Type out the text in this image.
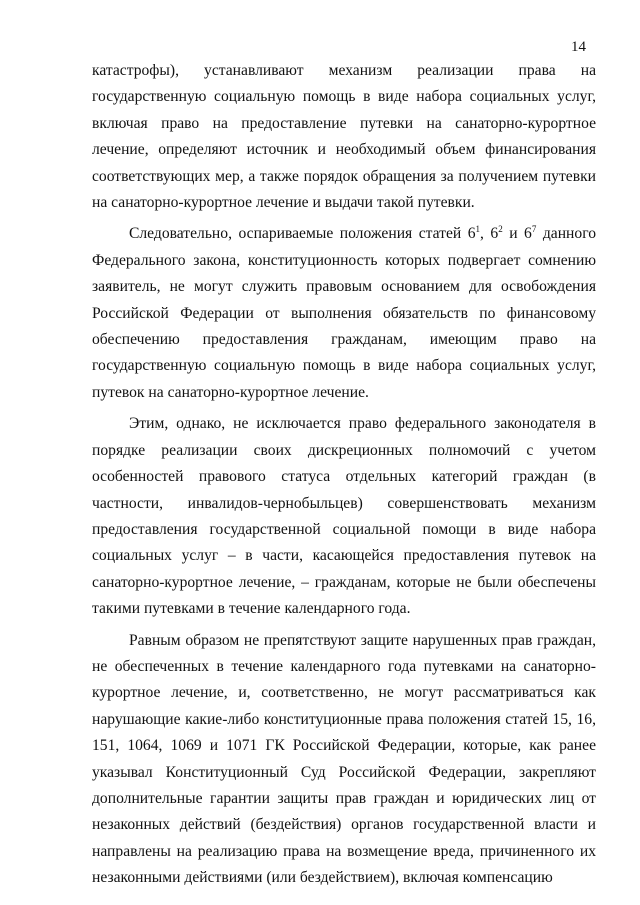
14

катастрофы), устанавливают механизм реализации права на государственную социальную помощь в виде набора социальных услуг, включая право на предоставление путевки на санаторно-курортное лечение, определяют источник и необходимый объем финансирования соответствующих мер, а также порядок обращения за получением путевки на санаторно-курортное лечение и выдачи такой путевки.

Следовательно, оспариваемые положения статей $6^1$, $6^2$ и $6^7$ данного Федерального закона, конституционность которых подвергает сомнению заявитель, не могут служить правовым основанием для освобождения Российской Федерации от выполнения обязательств по финансовому обеспечению предоставления гражданам, имеющим право на государственную социальную помощь в виде набора социальных услуг, путевок на санаторно-курортное лечение.

Этим, однако, не исключается право федерального законодателя в порядке реализации своих дискреционных полномочий с учетом особенностей правового статуса отдельных категорий граждан (в частности, инвалидов-чернобыльцев) совершенствовать механизм предоставления государственной социальной помощи в виде набора социальных услуг – в части, касающейся предоставления путевок на санаторно-курортное лечение, – гражданам, которые не были обеспечены такими путевками в течение календарного года.

Равным образом не препятствуют защите нарушенных прав граждан, не обеспеченных в течение календарного года путевками на санаторно-курортное лечение, и, соответственно, не могут рассматриваться как нарушающие какие-либо конституционные права положения статей 15, 16, 151, 1064, 1069 и 1071 ГК Российской Федерации, которые, как ранее указывал Конституционный Суд Российской Федерации, закрепляют дополнительные гарантии защиты прав граждан и юридических лиц от незаконных действий (бездействия) органов государственной власти и направлены на реализацию права на возмещение вреда, причиненного их незаконными действиями (или бездействием), включая компенсацию
